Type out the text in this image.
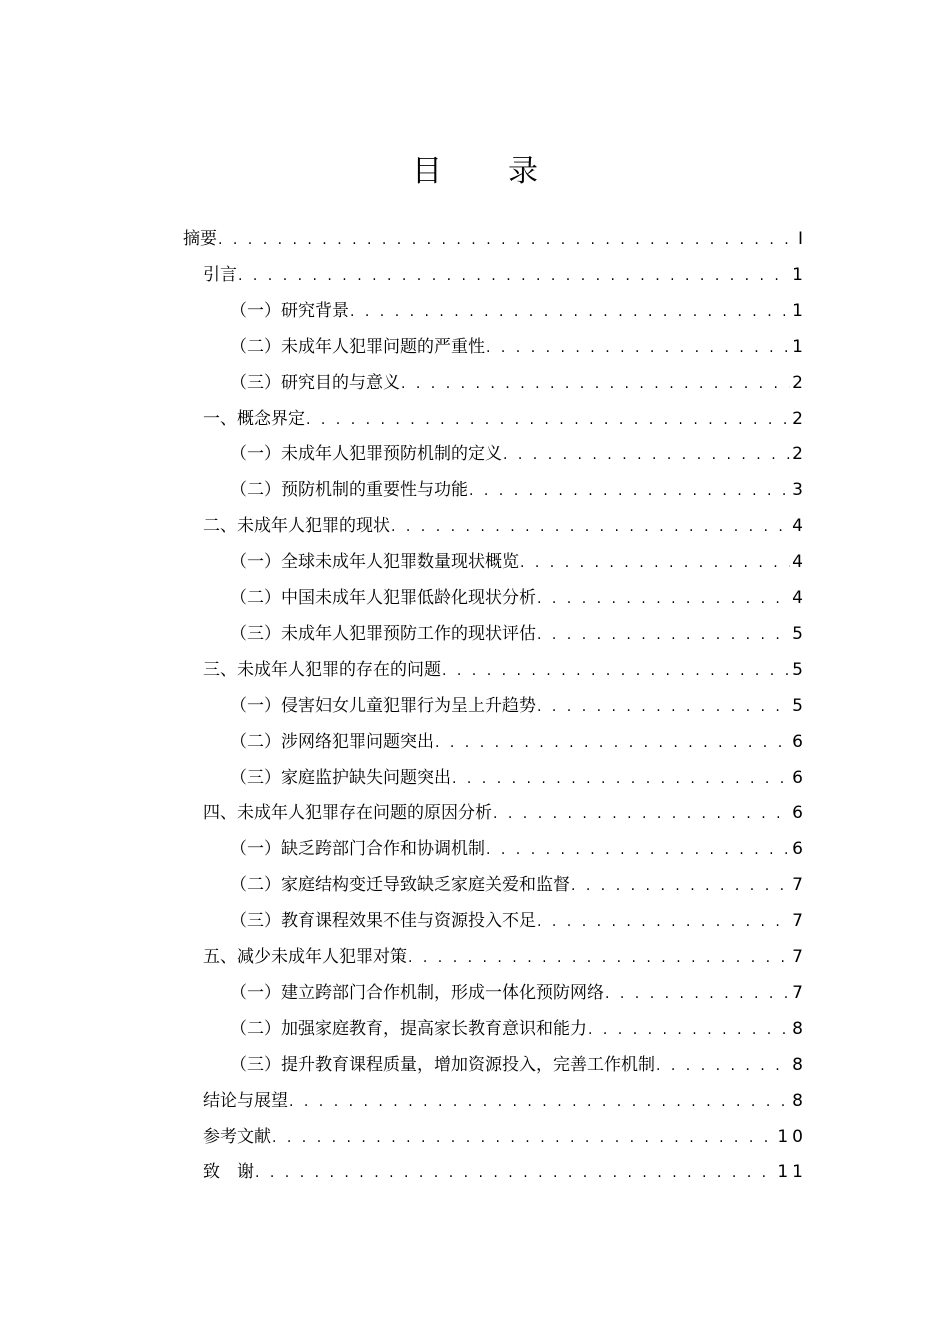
目　录
摘要 . . .	I
引言 . . .	1
（一）研究背景 . . .	1
（二）未成年人犯罪问题的严重性 . . .	1
（三）研究目的与意义 . . .	2
一、概念界定 . . .	2
（一）未成年人犯罪预防机制的定义 . . .	2
（二）预防机制的重要性与功能 . . .	3
二、未成年人犯罪的现状 . . .	4
（一）全球未成年人犯罪数量现状概览 . . .	4
（二）中国未成年人犯罪低龄化现状分析 . . .	4
（三）未成年人犯罪预防工作的现状评估 . . .	5
三、未成年人犯罪的存在的问题 . . .	5
（一）侵害妇女儿童犯罪行为呈上升趋势 . . .	5
（二）涉网络犯罪问题突出 . . .	6
（三）家庭监护缺失问题突出 . . .	6
四、未成年人犯罪存在问题的原因分析 . . .	6
（一）缺乏跨部门合作和协调机制 . . .	6
（二）家庭结构变迁导致缺乏家庭关爱和监督 . . .	7
（三）教育课程效果不佳与资源投入不足 . . .	7
五、减少未成年人犯罪对策 . . .	7
（一）建立跨部门合作机制，形成一体化预防网络 . . .	7
（二）加强家庭教育，提高家长教育意识和能力 . . .	8
（三）提升教育课程质量，增加资源投入，完善工作机制 . . .	8
结论与展望 . . .	8
参考文献 . . .	10
致　谢 . . .	11
